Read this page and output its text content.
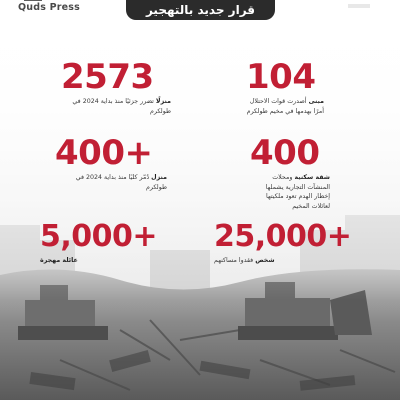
Quds Press	قرار جديد بالتهجير
2573
منزلًا تضرر جزئيًا منذ بداية 2024 في طولكرم
104
مبنى أصدرت قوات الاحتلال أمرًا بهدمها في مخيم طولكرم
400+
منزل دُمّر كليًا منذ بداية 2024 في طولكرم
400
شقة سكنية ومحلات المنشآت التجارية يشملها إخطار الهدم تعود ملكيتها لعائلات المخيم
5,000+
عائلة مهجرة
25,000+
شخص فقدوا مساكنهم
